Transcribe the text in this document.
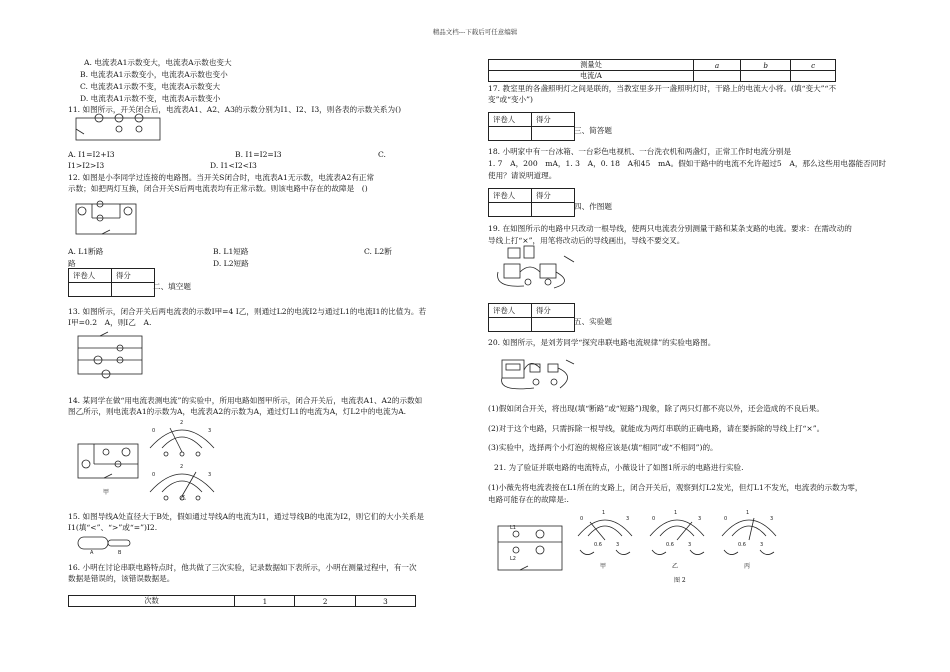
精品文档---下载后可任意编辑
A. 电流表A1示数变大，电流表A示数也变大
B. 电流表A1示数变小，电流表A示数也变小
C. 电流表A1示数不变，电流表A示数变大
D. 电流表A1示数不变，电流表A示数变小
11. 如图所示，开关闭合后，电流表A1、A2、A3的示数分别为I1、I2、I3，则各表的示数关系为()
A. I1=I2+I3	B. I1=I2=I3	C.
I1>I2>I3	D. I1<I2<I3
12. 如图是小李同学过连接的电路图。当开关S闭合时，电流表A1无示数，电流表A2有正常
示数；如把两灯互换，闭合开关S后两电流表均有正常示数。则该电路中存在的故障是　()
A. L1断路	B. L1短路	C. L2断
路	D. L2短路
评卷人	得分

二、填空题
13. 如图所示，闭合开关后两电流表的示数I甲=4 I乙，则通过L2的电流I2与通过L1的电流I1的比值为。若
I甲=0.2　A，则I乙　A.
14. 某同学在做“用电流表测电流”的实验中，所用电路如图甲所示，闭合开关后，电流表A1、A2的示数如
图乙所示，则电流表A1的示数为A，电流表A2的示数为A，通过灯L1的电流为A，灯L2中的电流为A.
甲
0
2
3
0
2
3
乙
15. 如图导线A处直径大于B处，假如通过导线A的电流为I1，通过导线B的电流为I2，则它们的大小关系是
I1(填“<”、“>”或“=”)I2.
A	B
16. 小明在讨论串联电路特点时，他共做了三次实验，记录数据如下表所示，小明在测量过程中，有一次
数据是错误的，该错误数据是。
次数	1	2	3
测量处	a	b	c
电流/A			
17. 教室里的各盏照明灯之间是联的，当教室里多开一盏照明灯时，干路上的电流大小将。(填“变大”“不
变”或“变小”)
评卷人	得分

三、简答题
18. 小明家中有一台冰箱、一台彩色电视机、一台洗衣机和两盏灯，正常工作时电流分别是
1. 7　A，200　mA，1. 3　A，0. 18　A和45　mA。假如干路中的电流不允许超过5　A，那么这些用电器能否同时
使用？请说明道理。
评卷人	得分

四、作图题
19. 在如图所示的电路中只改动一根导线，使两只电流表分别测量干路和某条支路的电流。要求：在需改动的
导线上打“×”，用笔将改动后的导线画出，导线不要交叉。
评卷人	得分

五、实验题
20. 如图所示，是刘芳同学“探究串联电路电流规律”的实验电路图。
(1)假如闭合开关，将出现(填“断路”或“短路”)现象，除了两只灯都不亮以外，还会造成的不良后果。
(2)对于这个电路，只需拆除一根导线，就能成为两灯串联的正确电路，请在要拆除的导线上打“×”。
(3)实验中，选择两个小灯泡的规格应该是(填“相同”或“不相同”)的。
21. 为了验证并联电路的电流特点，小薇设计了如图1所示的电路进行实验.
(1)小薇先将电流表接在L1所在的支路上，闭合开关后，观察到灯L2发光，但灯L1不发光，电流表的示数为零，
电路可能存在的故障是:.
L1
L2
0
1
3
0.6	3
0
1
3
0.6	3
0
1
3
0.6	3
甲	乙	丙
图 2
